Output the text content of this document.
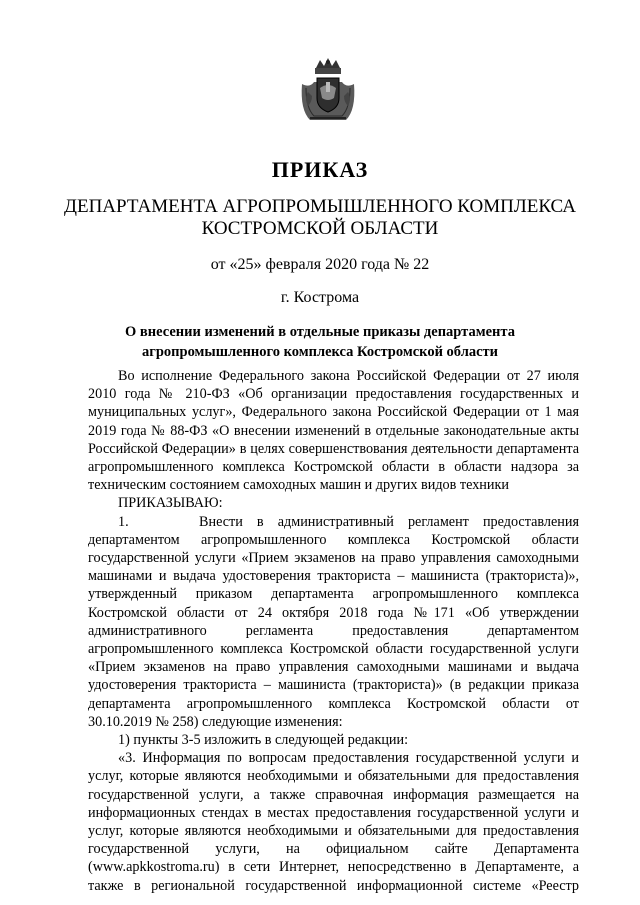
ПРИКАЗ
ДЕПАРТАМЕНТА АГРОПРОМЫШЛЕННОГО КОМПЛЕКСА
КОСТРОМСКОЙ ОБЛАСТИ
от «25» февраля 2020 года № 22
г. Кострома
О внесении изменений в отдельные приказы департамента
агропромышленного комплекса Костромской области

Во исполнение Федерального закона Российской Федерации от 27 июля 2010 года № 210-ФЗ «Об организации предоставления государственных и муниципальных услуг», Федерального закона Российской Федерации от 1 мая 2019 года № 88-ФЗ «О внесении изменений в отдельные законодательные акты Российской Федерации» в целях совершенствования деятельности департамента агропромышленного комплекса Костромской области в области надзора за техническим состоянием самоходных машин и других видов техники

ПРИКАЗЫВАЮ:

1.     Внести в административный регламент предоставления департаментом агропромышленного комплекса Костромской области государственной услуги «Прием экзаменов на право управления самоходными машинами и выдача удостоверения тракториста – машиниста (тракториста)», утвержденный приказом департамента агропромышленного комплекса Костромской области от 24 октября 2018 года №171 «Об утверждении административного регламента предоставления департаментом агропромышленного комплекса Костромской области государственной услуги «Прием экзаменов на право управления самоходными машинами и выдача удостоверения тракториста – машиниста (тракториста)» (в редакции приказа департамента агропромышленного комплекса Костромской области от 30.10.2019 № 258) следующие изменения:

1) пункты 3-5 изложить в следующей редакции:

«3. Информация по вопросам предоставления государственной услуги и услуг, которые являются необходимыми и обязательными для предоставления государственной услуги, а также справочная информация размещается на информационных стендах в местах предоставления государственной услуги и услуг, которые являются необходимыми и обязательными для предоставления государственной услуги, на официальном сайте Департамента (www.apkkostroma.ru) в сети Интернет, непосредственно в Департаменте, а также в региональной государственной информационной системе «Реестр
